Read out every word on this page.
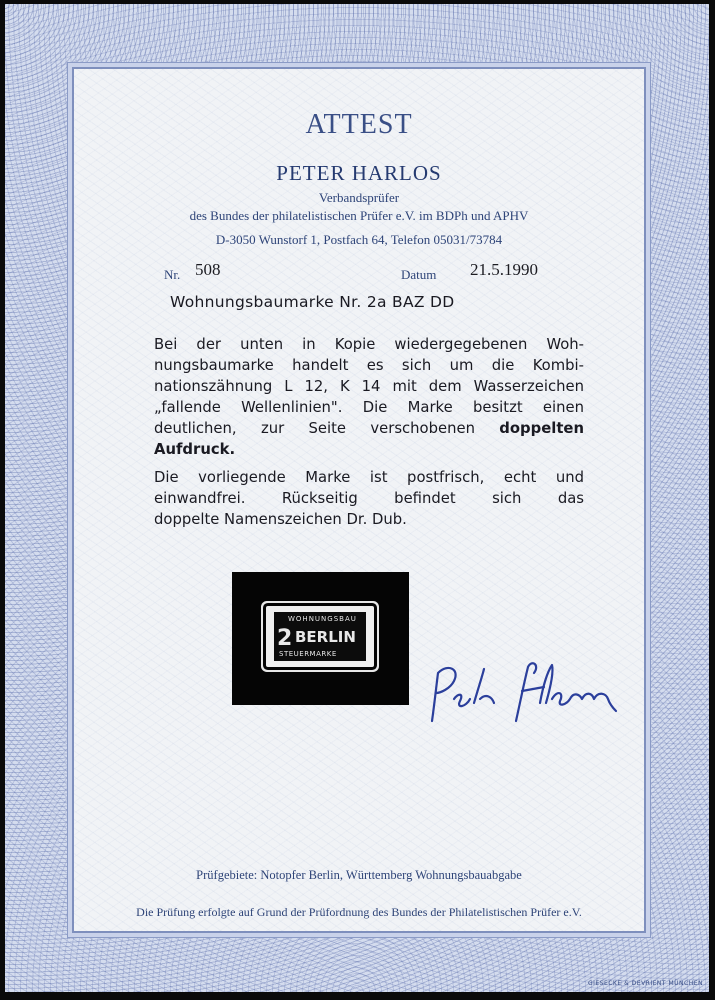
ATTEST

PETER HARLOS

Verbandsprüfer

des Bundes der philatelistischen Prüfer e.V. im BDPh und APHV

D-3050 Wunstorf 1, Postfach 64, Telefon 05031/73784

Nr. 508	Datum 21.5.1990

Wohnungsbaumarke Nr. 2a BAZ DD

Bei der unten in Kopie wiedergegebenen Woh-
nungsbaumarke handelt es sich um die Kombi-
nationszähnung L 12, K 14 mit dem Wasserzeichen
„fallende Wellenlinien". Die Marke besitzt einen
deutlichen, zur Seite verschobenen doppelten
Aufdruck.
Die vorliegende Marke ist postfrisch, echt und
einwandfrei. Rückseitig befindet sich das
doppelte Namenszeichen Dr. Dub.
WOHNUNGSBAU
2 BERLIN
STEUERMARKE

Prüfgebiete: Notopfer Berlin, Württemberg Wohnungsbauabgabe

Die Prüfung erfolgte auf Grund der Prüfordnung des Bundes der Philatelistischen Prüfer e.V.

GIESECKE & DEVRIENT MÜNCHEN
